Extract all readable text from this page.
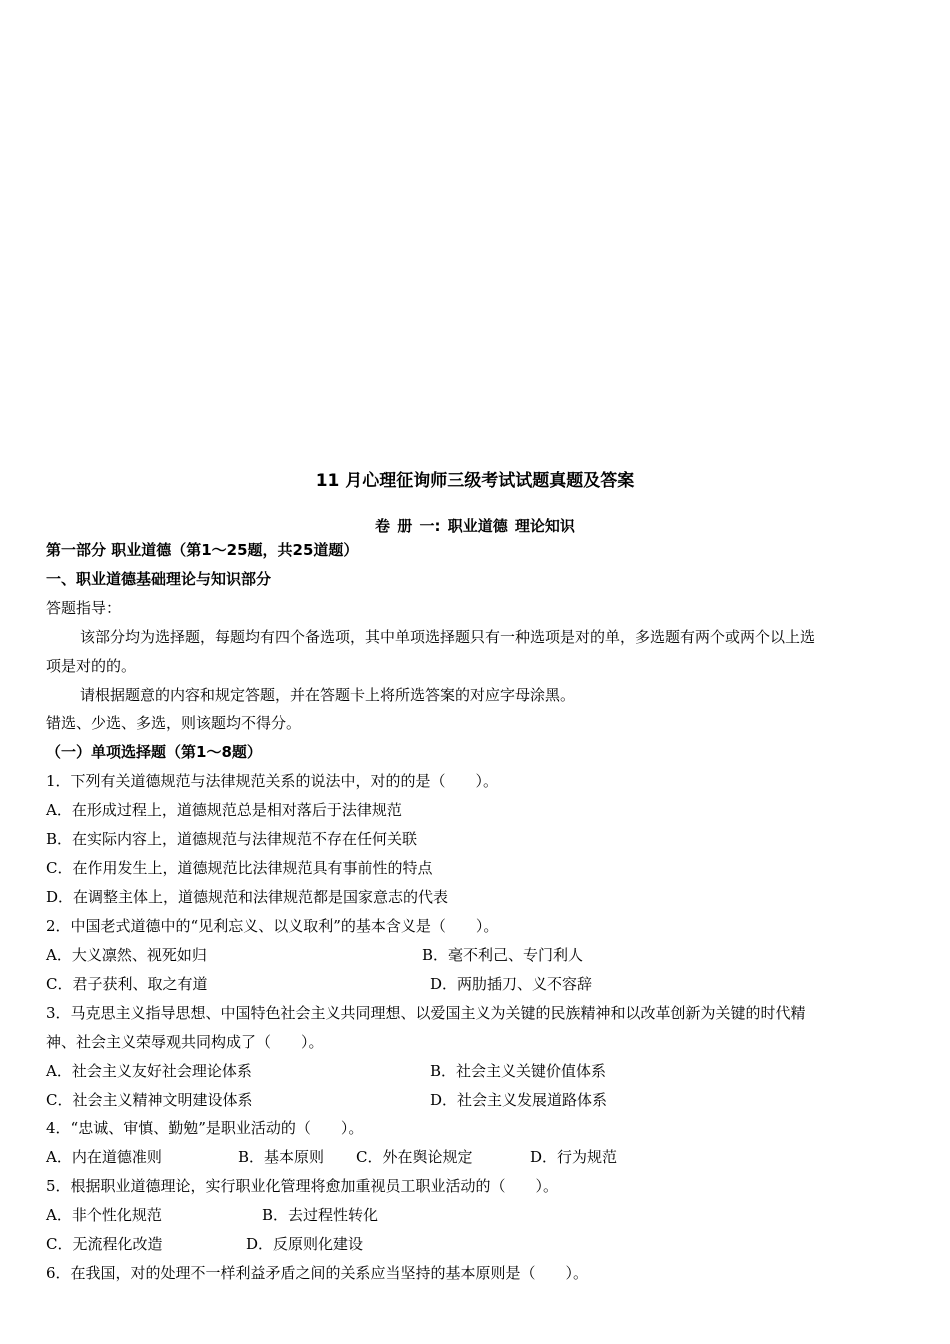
11 月心理征询师三级考试试题真题及答案
卷 册 一: 职业道德 理论知识
第一部分 职业道德（第1～25题，共25道题）
一、职业道德基础理论与知识部分
答题指导：
该部分均为选择题，每题均有四个备选项，其中单项选择题只有一种选项是对的单，多选题有两个或两个以上选
项是对的的。
请根据题意的内容和规定答题，并在答题卡上将所选答案的对应字母涂黑。
错选、少选、多选，则该题均不得分。
（一）单项选择题（第1～8题）
1．下列有关道德规范与法律规范关系的说法中，对的的是（　　）。
A．在形成过程上，道德规范总是相对落后于法律规范
B．在实际内容上，道德规范与法律规范不存在任何关联
C．在作用发生上，道德规范比法律规范具有事前性的特点
D．在调整主体上，道德规范和法律规范都是国家意志的代表
2．中国老式道德中的“见利忘义、以义取利”的基本含义是（　　）。
A．大义凛然、视死如归	B．毫不利己、专门利人
C．君子获利、取之有道	D．两肋插刀、义不容辞
3．马克思主义指导思想、中国特色社会主义共同理想、以爱国主义为关键的民族精神和以改革创新为关键的时代精
神、社会主义荣辱观共同构成了（　　）。
A．社会主义友好社会理论体系	B．社会主义关键价值体系
C．社会主义精神文明建设体系	D．社会主义发展道路体系
4．“忠诚、审慎、勤勉”是职业活动的（　　）。
A．内在道德准则	B．基本原则 C．外在舆论规定	D．行为规范
5．根据职业道德理论，实行职业化管理将愈加重视员工职业活动的（　　）。
A．非个性化规范	B．去过程性转化
C．无流程化改造	D．反原则化建设
6．在我国，对的处理不一样利益矛盾之间的关系应当坚持的基本原则是（　　）。
